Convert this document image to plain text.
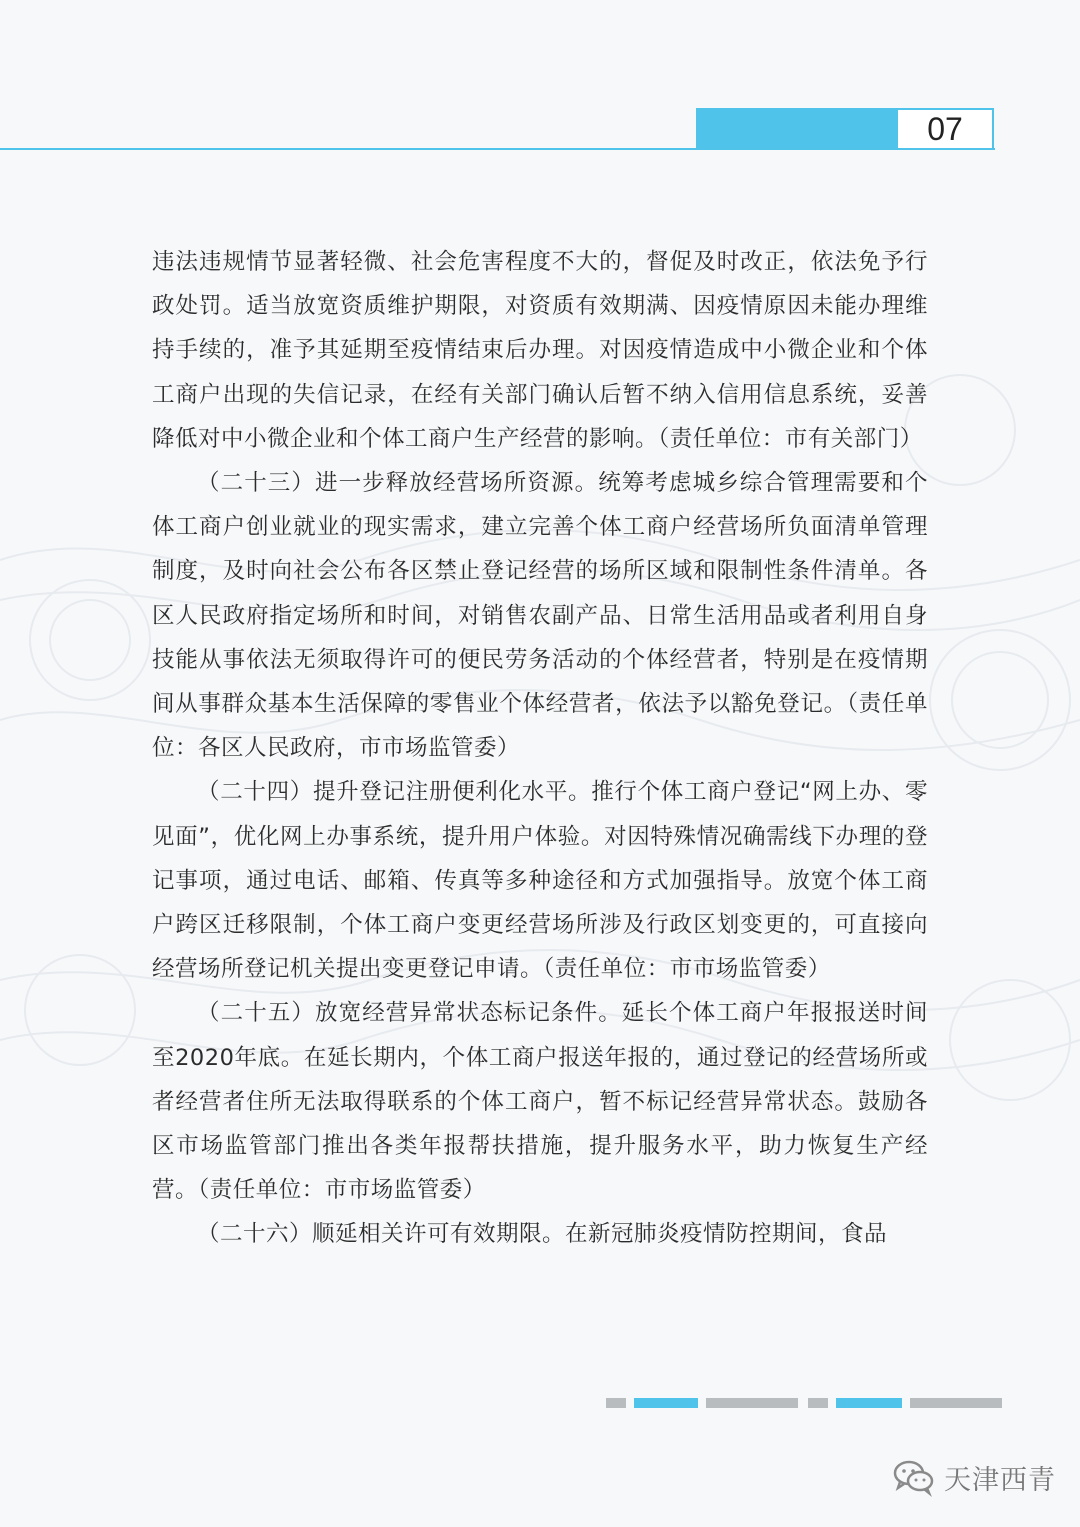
07

违法违规情节显著轻微、社会危害程度不大的，督促及时改正，依法免予行政处罚。适当放宽资质维护期限，对资质有效期满、因疫情原因未能办理维持手续的，准予其延期至疫情结束后办理。对因疫情造成中小微企业和个体工商户出现的失信记录，在经有关部门确认后暂不纳入信用信息系统，妥善降低对中小微企业和个体工商户生产经营的影响。（责任单位：市有关部门）

（二十三）进一步释放经营场所资源。统筹考虑城乡综合管理需要和个体工商户创业就业的现实需求，建立完善个体工商户经营场所负面清单管理制度，及时向社会公布各区禁止登记经营的场所区域和限制性条件清单。各区人民政府指定场所和时间，对销售农副产品、日常生活用品或者利用自身技能从事依法无须取得许可的便民劳务活动的个体经营者，特别是在疫情期间从事群众基本生活保障的零售业个体经营者，依法予以豁免登记。（责任单位：各区人民政府，市市场监管委）

（二十四）提升登记注册便利化水平。推行个体工商户登记“网上办、零见面”，优化网上办事系统，提升用户体验。对因特殊情况确需线下办理的登记事项，通过电话、邮箱、传真等多种途径和方式加强指导。放宽个体工商户跨区迁移限制，个体工商户变更经营场所涉及行政区划变更的，可直接向经营场所登记机关提出变更登记申请。（责任单位：市市场监管委）

（二十五）放宽经营异常状态标记条件。延长个体工商户年报报送时间至2020年底。在延长期内，个体工商户报送年报的，通过登记的经营场所或者经营者住所无法取得联系的个体工商户，暂不标记经营异常状态。鼓励各区市场监管部门推出各类年报帮扶措施，提升服务水平，助力恢复生产经营。（责任单位：市市场监管委）

（二十六）顺延相关许可有效期限。在新冠肺炎疫情防控期间，食品

天津西青
